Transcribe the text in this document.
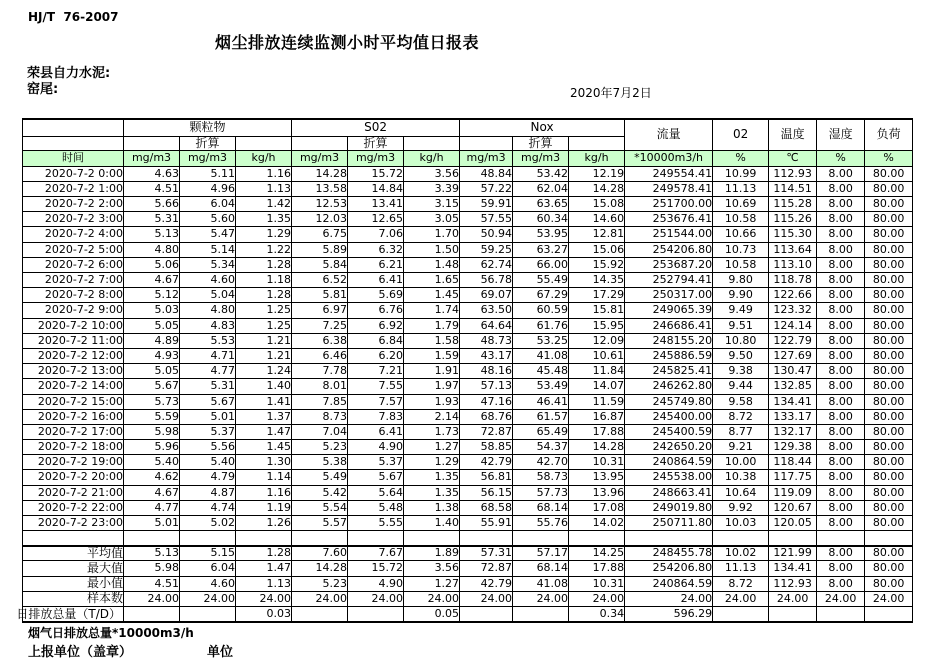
HJ/T  76-2007
烟尘排放连续监测小时平均值日报表
荣县自力水泥:
窑尾:	2020年7月2日
	颗粒物			S02			Nox			流量	02	温度	湿度	负荷
		折算			折算			折算						
时间	mg/m3	mg/m3	kg/h	mg/m3	mg/m3	kg/h	mg/m3	mg/m3	kg/h	*10000m3/h	%	℃	%	%
2020-7-2 0:00	4.63	5.11	1.16	14.28	15.72	3.56	48.84	53.42	12.19	249554.41	10.99	112.93	8.00	80.00
2020-7-2 1:00	4.51	4.96	1.13	13.58	14.84	3.39	57.22	62.04	14.28	249578.41	11.13	114.51	8.00	80.00
2020-7-2 2:00	5.66	6.04	1.42	12.53	13.41	3.15	59.91	63.65	15.08	251700.00	10.69	115.28	8.00	80.00
2020-7-2 3:00	5.31	5.60	1.35	12.03	12.65	3.05	57.55	60.34	14.60	253676.41	10.58	115.26	8.00	80.00
2020-7-2 4:00	5.13	5.47	1.29	6.75	7.06	1.70	50.94	53.95	12.81	251544.00	10.66	115.30	8.00	80.00
2020-7-2 5:00	4.80	5.14	1.22	5.89	6.32	1.50	59.25	63.27	15.06	254206.80	10.73	113.64	8.00	80.00
2020-7-2 6:00	5.06	5.34	1.28	5.84	6.21	1.48	62.74	66.00	15.92	253687.20	10.58	113.10	8.00	80.00
2020-7-2 7:00	4.67	4.60	1.18	6.52	6.41	1.65	56.78	55.49	14.35	252794.41	9.80	118.78	8.00	80.00
2020-7-2 8:00	5.12	5.04	1.28	5.81	5.69	1.45	69.07	67.29	17.29	250317.00	9.90	122.66	8.00	80.00
2020-7-2 9:00	5.03	4.80	1.25	6.97	6.76	1.74	63.50	60.59	15.81	249065.39	9.49	123.32	8.00	80.00
2020-7-2 10:00	5.05	4.83	1.25	7.25	6.92	1.79	64.64	61.76	15.95	246686.41	9.51	124.14	8.00	80.00
2020-7-2 11:00	4.89	5.53	1.21	6.38	6.84	1.58	48.73	53.25	12.09	248155.20	10.80	122.79	8.00	80.00
2020-7-2 12:00	4.93	4.71	1.21	6.46	6.20	1.59	43.17	41.08	10.61	245886.59	9.50	127.69	8.00	80.00
2020-7-2 13:00	5.05	4.77	1.24	7.78	7.21	1.91	48.16	45.48	11.84	245825.41	9.38	130.47	8.00	80.00
2020-7-2 14:00	5.67	5.31	1.40	8.01	7.55	1.97	57.13	53.49	14.07	246262.80	9.44	132.85	8.00	80.00
2020-7-2 15:00	5.73	5.67	1.41	7.85	7.57	1.93	47.16	46.41	11.59	245749.80	9.58	134.41	8.00	80.00
2020-7-2 16:00	5.59	5.01	1.37	8.73	7.83	2.14	68.76	61.57	16.87	245400.00	8.72	133.17	8.00	80.00
2020-7-2 17:00	5.98	5.37	1.47	7.04	6.41	1.73	72.87	65.49	17.88	245400.59	8.77	132.17	8.00	80.00
2020-7-2 18:00	5.96	5.56	1.45	5.23	4.90	1.27	58.85	54.37	14.28	242650.20	9.21	129.38	8.00	80.00
2020-7-2 19:00	5.40	5.40	1.30	5.38	5.37	1.29	42.79	42.70	10.31	240864.59	10.00	118.44	8.00	80.00
2020-7-2 20:00	4.62	4.79	1.14	5.49	5.67	1.35	56.81	58.73	13.95	245538.00	10.38	117.75	8.00	80.00
2020-7-2 21:00	4.67	4.87	1.16	5.42	5.64	1.35	56.15	57.73	13.96	248663.41	10.64	119.09	8.00	80.00
2020-7-2 22:00	4.77	4.74	1.19	5.54	5.48	1.38	68.58	68.14	17.08	249019.80	9.92	120.67	8.00	80.00
2020-7-2 23:00	5.01	5.02	1.26	5.57	5.55	1.40	55.91	55.76	14.02	250711.80	10.03	120.05	8.00	80.00

平均值	5.13	5.15	1.28	7.60	7.67	1.89	57.31	57.17	14.25	248455.78	10.02	121.99	8.00	80.00
最大值	5.98	6.04	1.47	14.28	15.72	3.56	72.87	68.14	17.88	254206.80	11.13	134.41	8.00	80.00
最小值	4.51	4.60	1.13	5.23	4.90	1.27	42.79	41.08	10.31	240864.59	8.72	112.93	8.00	80.00
样本数	24.00	24.00	24.00	24.00	24.00	24.00	24.00	24.00	24.00	24.00	24.00	24.00	24.00	24.00

日排放总量（T/D）			0.03			0.05			0.34	596.29				
烟气日排放总量*10000m3/h
上报单位（盖章）	单位
